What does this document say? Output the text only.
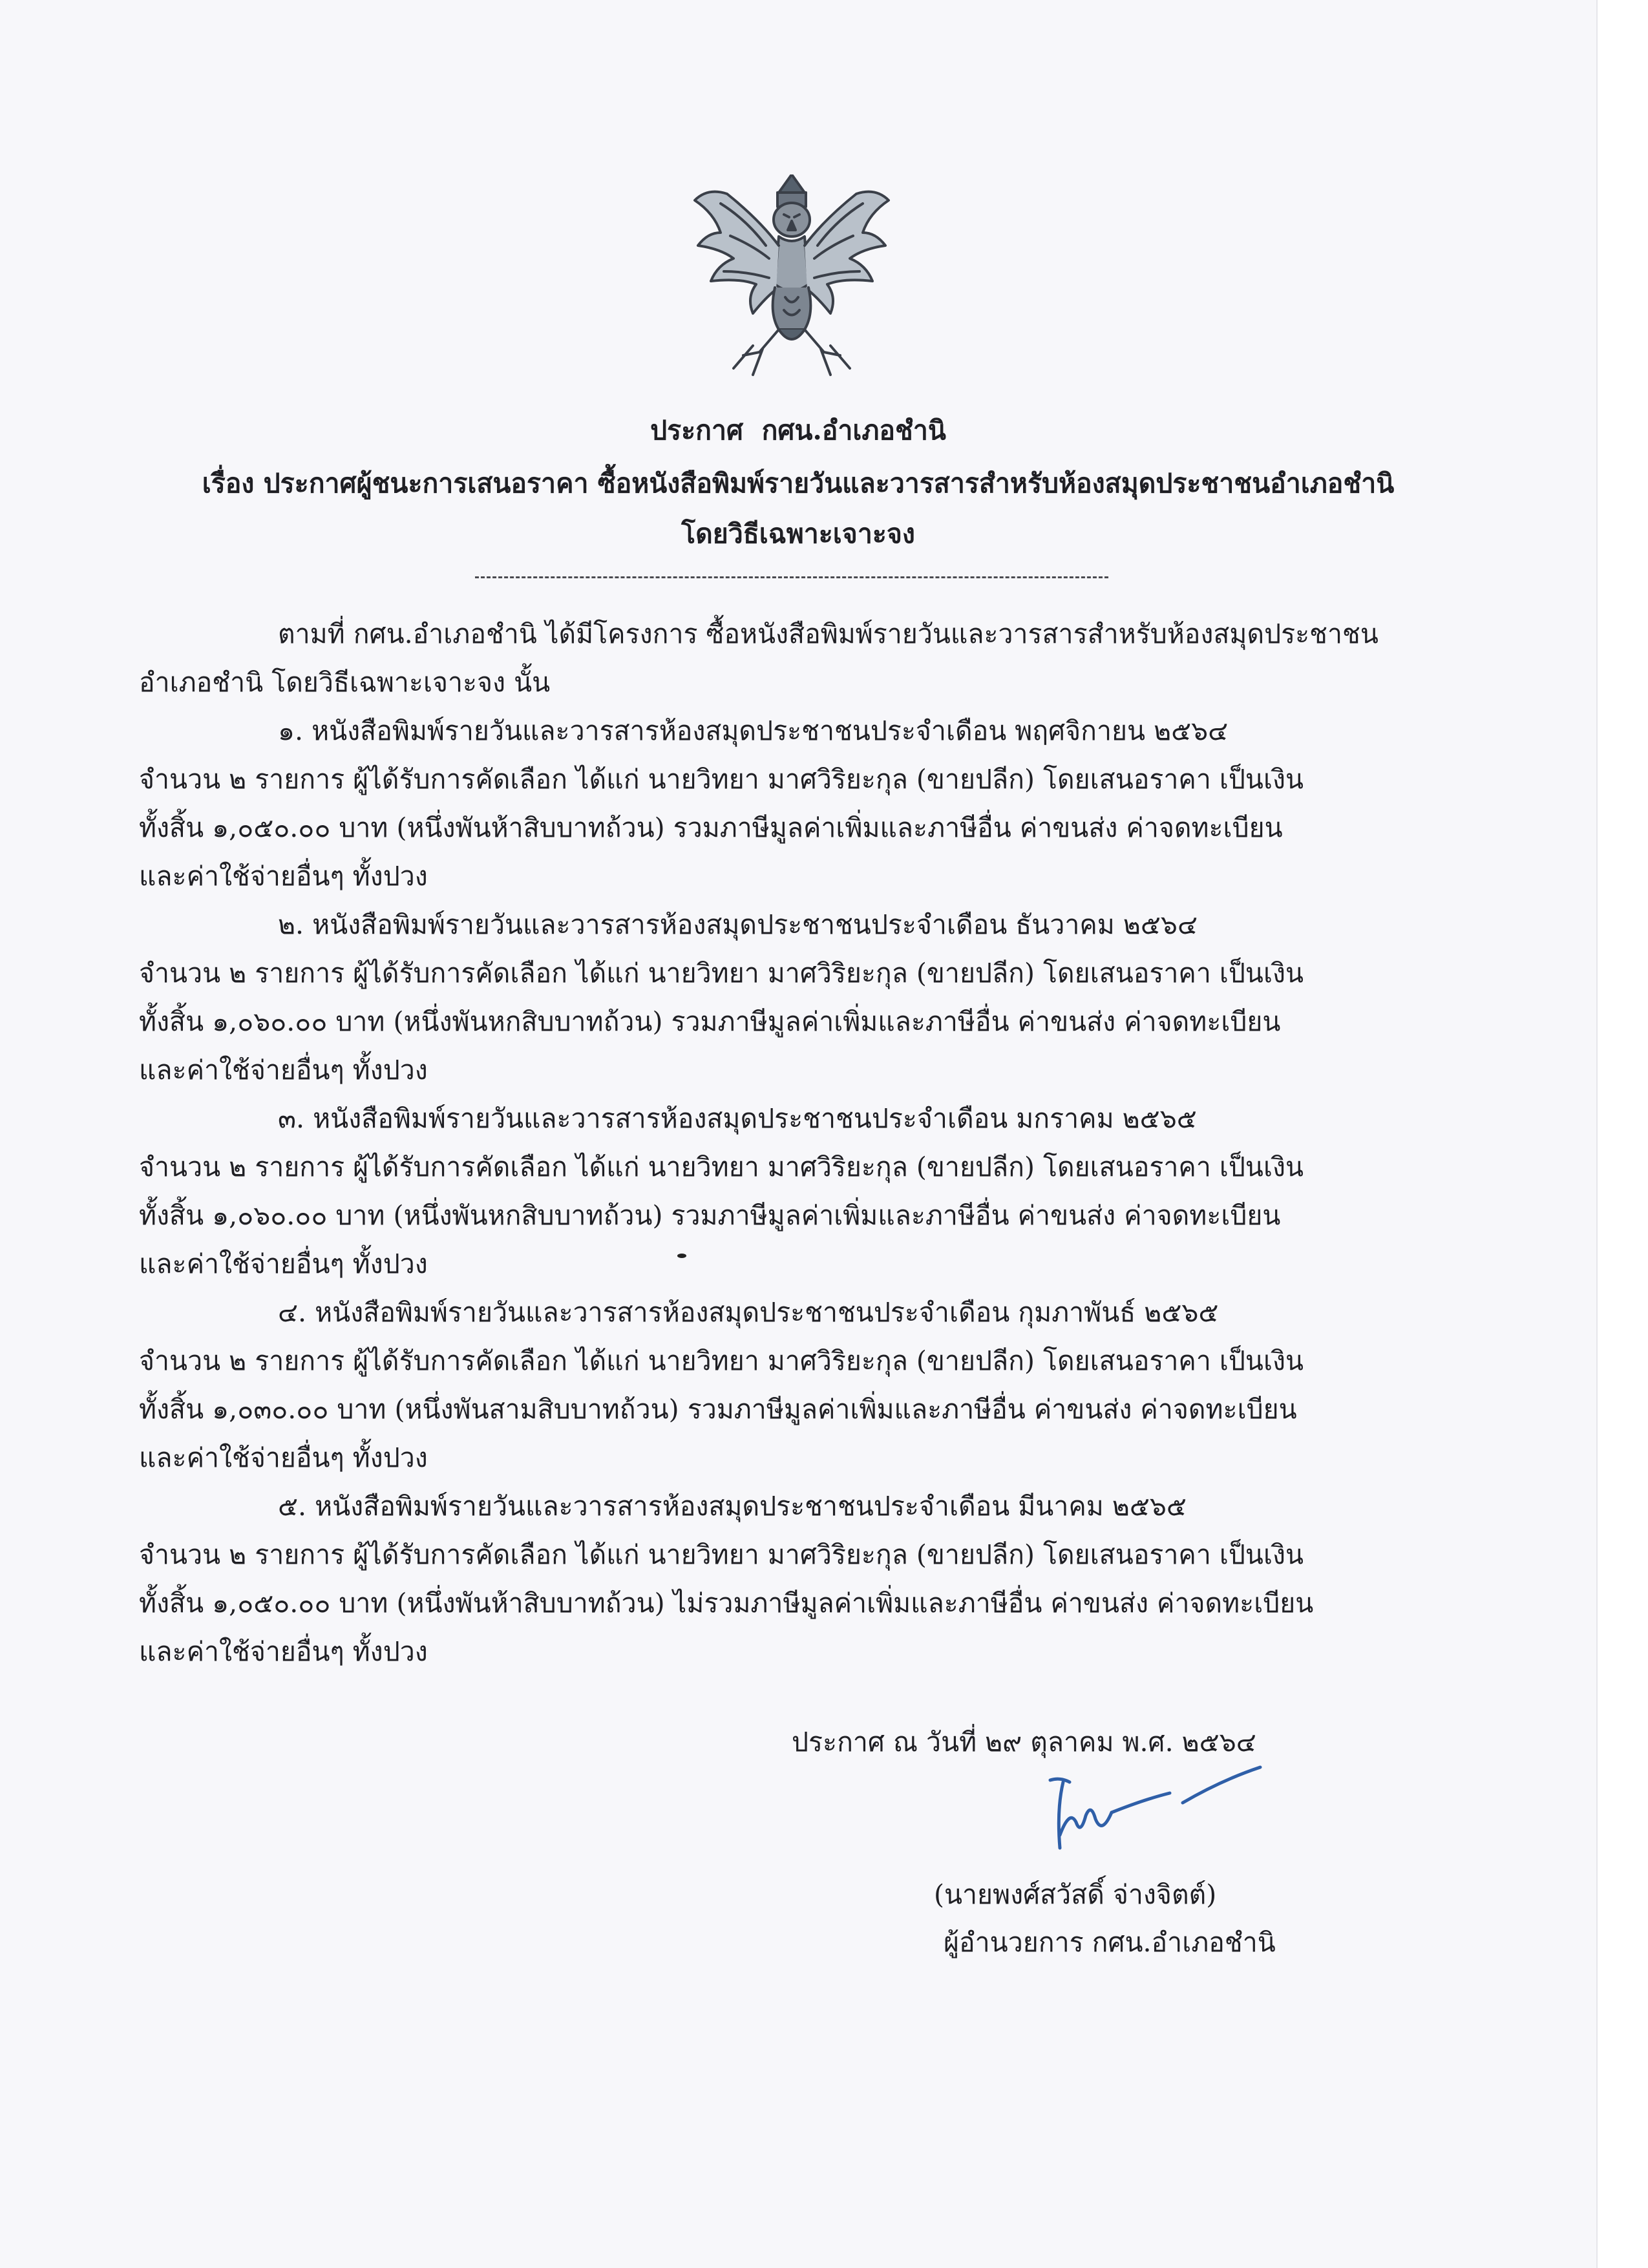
ประกาศ  กศน.อำเภอชำนิ
เรื่อง ประกาศผู้ชนะการเสนอราคา ซื้อหนังสือพิมพ์รายวันและวารสารสำหรับห้องสมุดประชาชนอำเภอชำนิ
โดยวิธีเฉพาะเจาะจง

ตามที่ กศน.อำเภอชำนิ ได้มีโครงการ ซื้อหนังสือพิมพ์รายวันและวารสารสำหรับห้องสมุดประชาชน

อำเภอชำนิ โดยวิธีเฉพาะเจาะจง นั้น

๑. หนังสือพิมพ์รายวันและวารสารห้องสมุดประชาชนประจำเดือน พฤศจิกายน ๒๕๖๔

จำนวน ๒ รายการ ผู้ได้รับการคัดเลือก ได้แก่ นายวิทยา มาศวิริยะกุล (ขายปลีก) โดยเสนอราคา เป็นเงิน

ทั้งสิ้น ๑,๐๕๐.๐๐ บาท (หนึ่งพันห้าสิบบาทถ้วน) รวมภาษีมูลค่าเพิ่มและภาษีอื่น ค่าขนส่ง ค่าจดทะเบียน

และค่าใช้จ่ายอื่นๆ ทั้งปวง

๒. หนังสือพิมพ์รายวันและวารสารห้องสมุดประชาชนประจำเดือน ธันวาคม ๒๕๖๔

จำนวน ๒ รายการ ผู้ได้รับการคัดเลือก ได้แก่ นายวิทยา มาศวิริยะกุล (ขายปลีก) โดยเสนอราคา เป็นเงิน

ทั้งสิ้น ๑,๐๖๐.๐๐ บาท (หนึ่งพันหกสิบบาทถ้วน) รวมภาษีมูลค่าเพิ่มและภาษีอื่น ค่าขนส่ง ค่าจดทะเบียน

และค่าใช้จ่ายอื่นๆ ทั้งปวง

๓. หนังสือพิมพ์รายวันและวารสารห้องสมุดประชาชนประจำเดือน มกราคม ๒๕๖๕

จำนวน ๒ รายการ ผู้ได้รับการคัดเลือก ได้แก่ นายวิทยา มาศวิริยะกุล (ขายปลีก) โดยเสนอราคา เป็นเงิน

ทั้งสิ้น ๑,๐๖๐.๐๐ บาท (หนึ่งพันหกสิบบาทถ้วน) รวมภาษีมูลค่าเพิ่มและภาษีอื่น ค่าขนส่ง ค่าจดทะเบียน

และค่าใช้จ่ายอื่นๆ ทั้งปวง

๔. หนังสือพิมพ์รายวันและวารสารห้องสมุดประชาชนประจำเดือน กุมภาพันธ์ ๒๕๖๕

จำนวน ๒ รายการ ผู้ได้รับการคัดเลือก ได้แก่ นายวิทยา มาศวิริยะกุล (ขายปลีก) โดยเสนอราคา เป็นเงิน

ทั้งสิ้น ๑,๐๓๐.๐๐ บาท (หนึ่งพันสามสิบบาทถ้วน) รวมภาษีมูลค่าเพิ่มและภาษีอื่น ค่าขนส่ง ค่าจดทะเบียน

และค่าใช้จ่ายอื่นๆ ทั้งปวง

๕. หนังสือพิมพ์รายวันและวารสารห้องสมุดประชาชนประจำเดือน มีนาคม ๒๕๖๕

จำนวน ๒ รายการ ผู้ได้รับการคัดเลือก ได้แก่ นายวิทยา มาศวิริยะกุล (ขายปลีก) โดยเสนอราคา เป็นเงิน

ทั้งสิ้น ๑,๐๕๐.๐๐ บาท (หนึ่งพันห้าสิบบาทถ้วน) ไม่รวมภาษีมูลค่าเพิ่มและภาษีอื่น ค่าขนส่ง ค่าจดทะเบียน

และค่าใช้จ่ายอื่นๆ ทั้งปวง

ประกาศ ณ วันที่ ๒๙ ตุลาคม พ.ศ. ๒๕๖๔
(นายพงศ์สวัสดิ์ จ่างจิตต์)
ผู้อำนวยการ กศน.อำเภอชำนิ
